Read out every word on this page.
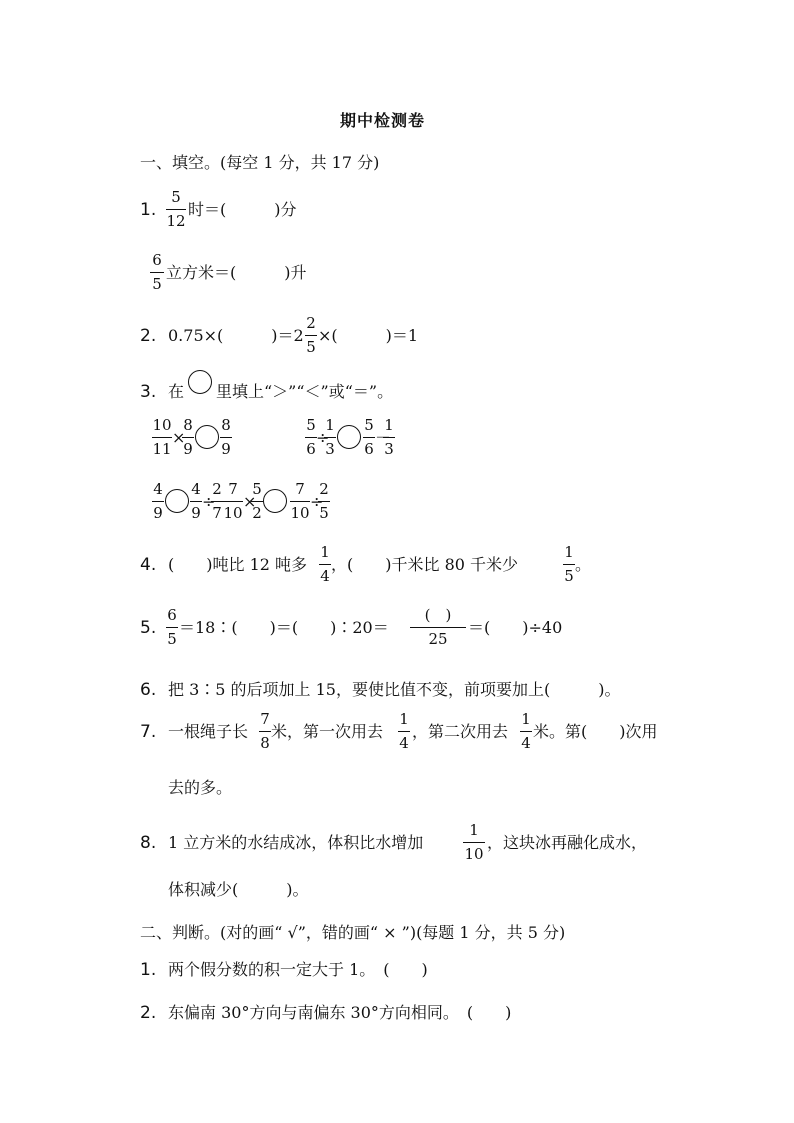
期中检测卷
一、填空。(每空 1 分，共 17 分)
1.
5
12
时＝(　　　)分
6
5
立方米＝(　　　)升
2. 0.75×(　　　)＝2
2
5
×(　　　)＝1
3. 在 里填上“＞”“＜”或“＝”。
10
11
×
8
9
8
9
5
6
÷
1
3
5
6
－
1
3
4
9
4
9
÷
2
7
7
10
×
5
2
7
10
÷
2
5
4. (　　)吨比 12 吨多
1
4
，(　　)千米比 80 千米少
1
5
。
5.
6
5
＝18∶(　　)＝(　　)∶20＝
(　)
25
＝(　　)÷40
6. 把 3∶5 的后项加上 15，要使比值不变，前项要加上(　　　)。
7. 一根绳子长
7
8
米，第一次用去
1
4
，第二次用去
1
4
米。第(　　)次用
去的多。
8. 1 立方米的水结成冰，体积比水增加
1
10
，这块冰再融化成水，
体积减少(　　　)。
二、判断。(对的画“ √”，错的画“ × ”)(每题 1 分，共 5 分)
1. 两个假分数的积一定大于 1。　(　　)
2. 东偏南 30°方向与南偏东 30°方向相同。　(　　)
